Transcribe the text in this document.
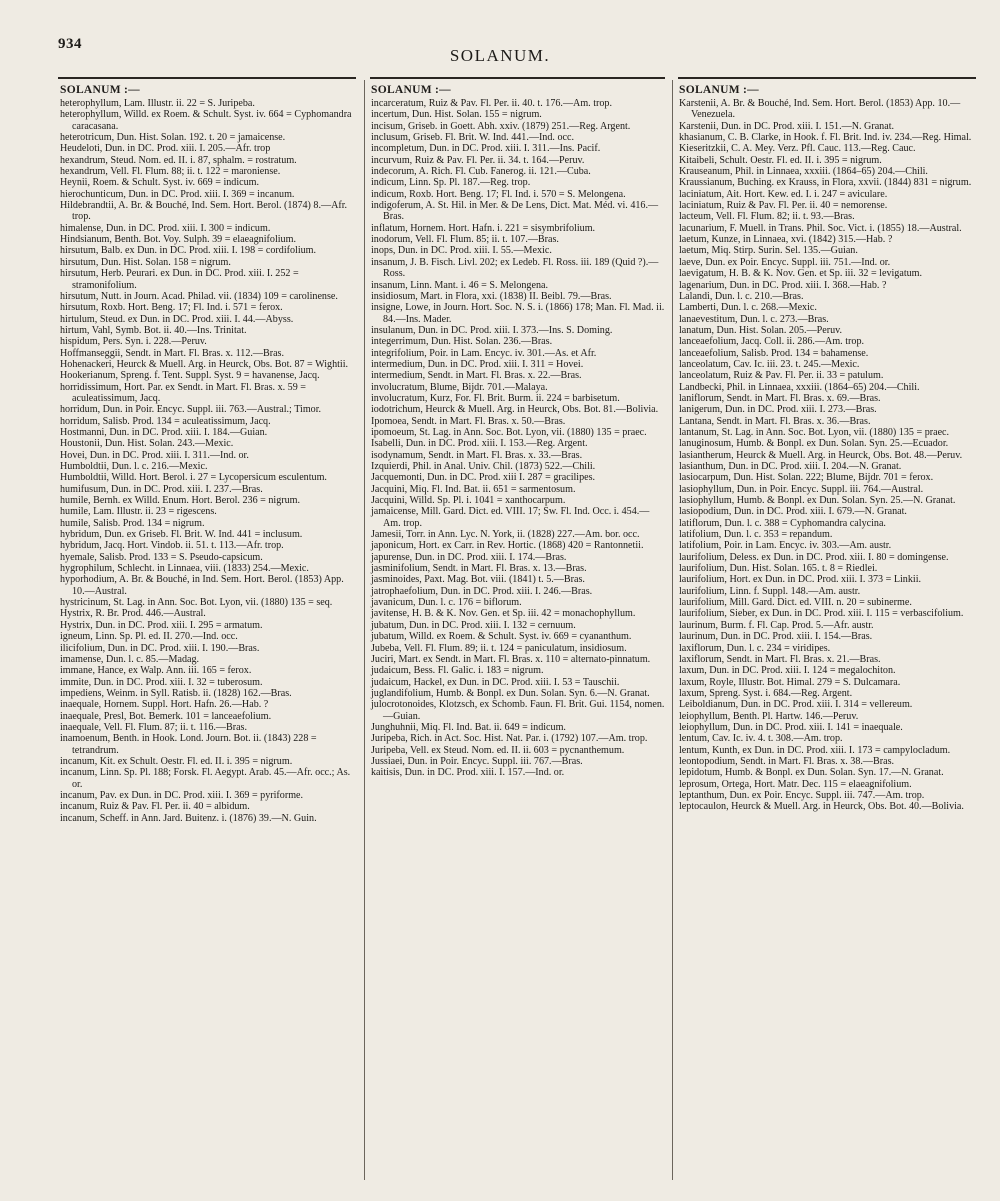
934
SOLANUM.
SOLANUM :—
heterophyllum, Lam. Illustr. ii. 22 = S. Juripeba.
heterophyllum, Willd. ex Roem. & Schult. Syst. iv. 664 = Cyphomandra caracasana.
heterotricum, Dun. Hist. Solan. 192. t. 20 = jamaicense.
Heudeloti, Dun. in DC. Prod. xiii. I. 205.—Afr. trop
hexandrum, Steud. Nom. ed. II. i. 87, sphalm. = rostratum.
hexandrum, Vell. Fl. Flum. 88; ii. t. 122 = maroniense.
Heynii, Roem. & Schult. Syst. iv. 669 = indicum.
hierochunticum, Dun. in DC. Prod. xiii. I. 369 = incanum.
Hildebrandtii, A. Br. & Bouché, Ind. Sem. Hort. Berol. (1874) 8.—Afr. trop.
himalense, Dun. in DC. Prod. xiii. I. 300 = indicum.
Hindsianum, Benth. Bot. Voy. Sulph. 39 = elaeagnifolium.
hirsutum, Balb. ex Dun. in DC. Prod. xiii. I. 198 = cordifolium.
hirsutum, Dun. Hist. Solan. 158 = nigrum.
hirsutum, Herb. Peurari. ex Dun. in DC. Prod. xiii. I. 252 = stramonifolium.
hirsutum, Nutt. in Journ. Acad. Philad. vii. (1834) 109 = carolinense.
hirsutum, Roxb. Hort. Beng. 17; Fl. Ind. i. 571 = ferox.
hirtulum, Steud. ex Dun. in DC. Prod. xiii. I. 44.—Abyss.
hirtum, Vahl, Symb. Bot. ii. 40.—Ins. Trinitat.
hispidum, Pers. Syn. i. 228.—Peruv.
Hoffmanseggii, Sendt. in Mart. Fl. Bras. x. 112.—Bras.
Hohenackeri, Heurck & Muell. Arg. in Heurck, Obs. Bot. 87 = Wightii.
Hookerianum, Spreng. f. Tent. Suppl. Syst. 9 = havanense, Jacq.
horridissimum, Hort. Par. ex Sendt. in Mart. Fl. Bras. x. 59 = aculeatissimum, Jacq.
horridum, Dun. in Poir. Encyc. Suppl. iii. 763.—Austral.; Timor.
horridum, Salisb. Prod. 134 = aculeatissimum, Jacq.
Hostmanni, Dun. in DC. Prod. xiii. I. 184.—Guian.
Houstonii, Dun. Hist. Solan. 243.—Mexic.
Hovei, Dun. in DC. Prod. xiii. I. 311.—Ind. or.
Humboldtii, Dun. l. c. 216.—Mexic.
Humboldtii, Willd. Hort. Berol. i. 27 = Lycopersicum esculentum.
humifusum, Dun. in DC. Prod. xiii. I. 237.—Bras.
humile, Bernh. ex Willd. Enum. Hort. Berol. 236 = nigrum.
humile, Lam. Illustr. ii. 23 = rigescens.
humile, Salisb. Prod. 134 = nigrum.
hybridum, Dun. ex Griseb. Fl. Brit. W. Ind. 441 = inclusum.
hybridum, Jacq. Hort. Vindob. ii. 51. t. 113.—Afr. trop.
hyemale, Salisb. Prod. 133 = S. Pseudo-capsicum.
hygrophilum, Schlecht. in Linnaea, viii. (1833) 254.—Mexic.
hyporhodium, A. Br. & Bouché, in Ind. Sem. Hort. Berol. (1853) App. 10.—Austral.
hystricinum, St. Lag. in Ann. Soc. Bot. Lyon, vii. (1880) 135 = seq.
Hystrix, R. Br. Prod. 446.—Austral.
Hystrix, Dun. in DC. Prod. xiii. I. 295 = armatum.
igneum, Linn. Sp. Pl. ed. II. 270.—Ind. occ.
ilicifolium, Dun. in DC. Prod. xiii. I. 190.—Bras.
imamense, Dun. l. c. 85.—Madag.
immane, Hance, ex Walp. Ann. iii. 165 = ferox.
immite, Dun. in DC. Prod. xiii. I. 32 = tuberosum.
impediens, Weinm. in Syll. Ratisb. ii. (1828) 162.—Bras.
inaequale, Hornem. Suppl. Hort. Hafn. 26.—Hab. ?
inaequale, Presl, Bot. Bemerk. 101 = lanceaefolium.
inaequale, Vell. Fl. Flum. 87; ii. t. 116.—Bras.
inamoenum, Benth. in Hook. Lond. Journ. Bot. ii. (1843) 228 = tetrandrum.
incanum, Kit. ex Schult. Oestr. Fl. ed. II. i. 395 = nigrum.
incanum, Linn. Sp. Pl. 188; Forsk. Fl. Aegypt. Arab. 45.—Afr. occ.; As. or.
incanum, Pav. ex Dun. in DC. Prod. xiii. I. 369 = pyriforme.
incanum, Ruiz & Pav. Fl. Per. ii. 40 = albidum.
incanum, Scheff. in Ann. Jard. Buitenz. i. (1876) 39.—N. Guin.
SOLANUM :—
incarceratum, Ruiz & Pav. Fl. Per. ii. 40. t. 176.—Am. trop.
incertum, Dun. Hist. Solan. 155 = nigrum.
incisum, Griseb. in Goett. Abh. xxiv. (1879) 251.—Reg. Argent.
inclusum, Griseb. Fl. Brit. W. Ind. 441.—Ind. occ.
incompletum, Dun. in DC. Prod. xiii. I. 311.—Ins. Pacif.
incurvum, Ruiz & Pav. Fl. Per. ii. 34. t. 164.—Peruv.
indecorum, A. Rich. Fl. Cub. Fanerog. ii. 121.—Cuba.
indicum, Linn. Sp. Pl. 187.—Reg. trop.
indicum, Roxb. Hort. Beng. 17; Fl. Ind. i. 570 = S. Melongena.
indigoferum, A. St. Hil. in Mer. & De Lens, Dict. Mat. Méd. vi. 416.—Bras.
inflatum, Hornem. Hort. Hafn. i. 221 = sisymbrifolium.
inodorum, Vell. Fl. Flum. 85; ii. t. 107.—Bras.
inops, Dun. in DC. Prod. xiii. I. 55.—Mexic.
insanum, J. B. Fisch. Livl. 202; ex Ledeb. Fl. Ross. iii. 189 (Quid ?).—Ross.
insanum, Linn. Mant. i. 46 = S. Melongena.
insidiosum, Mart. in Flora, xxi. (1838) II. Beibl. 79.—Bras.
insigne, Lowe, in Journ. Hort. Soc. N. S. i. (1866) 178; Man. Fl. Mad. ii. 84.—Ins. Mader.
insulanum, Dun. in DC. Prod. xiii. I. 373.—Ins. S. Doming.
integerrimum, Dun. Hist. Solan. 236.—Bras.
integrifolium, Poir. in Lam. Encyc. iv. 301.—As. et Afr.
intermedium, Dun. in DC. Prod. xiii. I. 311 = Hovei.
intermedium, Sendt. in Mart. Fl. Bras. x. 22.—Bras.
involucratum, Blume, Bijdr. 701.—Malaya.
involucratum, Kurz, For. Fl. Brit. Burm. ii. 224 = barbisetum.
iodotrichum, Heurck & Muell. Arg. in Heurck, Obs. Bot. 81.—Bolivia.
Ipomoea, Sendt. in Mart. Fl. Bras. x. 50.—Bras.
ipomoeum, St. Lag. in Ann. Soc. Bot. Lyon, vii. (1880) 135 = praec.
Isabelli, Dun. in DC. Prod. xiii. I. 153.—Reg. Argent.
isodynamum, Sendt. in Mart. Fl. Bras. x. 33.—Bras.
Izquierdi, Phil. in Anal. Univ. Chil. (1873) 522.—Chili.
Jacquemonti, Dun. in DC. Prod. xiii I. 287 = gracilipes.
Jacquini, Miq. Fl. Ind. Bat. ii. 651 = sarmentosum.
Jacquini, Willd. Sp. Pl. i. 1041 = xanthocarpum.
jamaicense, Mill. Gard. Dict. ed. VIII. 17; Sw. Fl. Ind. Occ. i. 454.—Am. trop.
Jamesii, Torr. in Ann. Lyc. N. York, ii. (1828) 227.—Am. bor. occ.
japonicum, Hort. ex Carr. in Rev. Hortic. (1868) 420 = Rantonnetii.
japurense, Dun. in DC. Prod. xiii. I. 174.—Bras.
jasminifolium, Sendt. in Mart. Fl. Bras. x. 13.—Bras.
jasminoides, Paxt. Mag. Bot. viii. (1841) t. 5.—Bras.
jatrophaefolium, Dun. in DC. Prod. xiii. I. 246.—Bras.
javanicum, Dun. l. c. 176 = biflorum.
javitense, H. B. & K. Nov. Gen. et Sp. iii. 42 = monachophyllum.
jubatum, Dun. in DC. Prod. xiii. I. 132 = cernuum.
jubatum, Willd. ex Roem. & Schult. Syst. iv. 669 = cyananthum.
Jubeba, Vell. Fl. Flum. 89; ii. t. 124 = paniculatum, insidiosum.
Juciri, Mart. ex Sendt. in Mart. Fl. Bras. x. 110 = alternato-pinnatum.
judaicum, Bess. Fl. Galic. i. 183 = nigrum.
judaicum, Hackel, ex Dun. in DC. Prod. xiii. I. 53 = Tauschii.
juglandifolium, Humb. & Bonpl. ex Dun. Solan. Syn. 6.—N. Granat.
julocrotonoides, Klotzsch, ex Schomb. Faun. Fl. Brit. Gui. 1154, nomen.—Guian.
Junghuhnii, Miq. Fl. Ind. Bat. ii. 649 = indicum.
Juripeba, Rich. in Act. Soc. Hist. Nat. Par. i. (1792) 107.—Am. trop.
Juripeba, Vell. ex Steud. Nom. ed. II. ii. 603 = pycnanthemum.
Jussiaei, Dun. in Poir. Encyc. Suppl. iii. 767.—Bras.
kaitisis, Dun. in DC. Prod. xiii. I. 157.—Ind. or.
SOLANUM :—
Karstenii, A. Br. & Bouché, Ind. Sem. Hort. Berol. (1853) App. 10.—Venezuela.
Karstenii, Dun. in DC. Prod. xiii. I. 151.—N. Granat.
khasianum, C. B. Clarke, in Hook. f. Fl. Brit. Ind. iv. 234.—Reg. Himal.
Kieseritzkii, C. A. Mey. Verz. Pfl. Cauc. 113.—Reg. Cauc.
Kitaibeli, Schult. Oestr. Fl. ed. II. i. 395 = nigrum.
Krauseanum, Phil. in Linnaea, xxxiii. (1864–65) 204.—Chili.
Kraussianum, Buching. ex Krauss, in Flora, xxvii. (1844) 831 = nigrum.
laciniatum, Ait. Hort. Kew. ed. I. i. 247 = aviculare.
laciniatum, Ruiz & Pav. Fl. Per. ii. 40 = nemorense.
lacteum, Vell. Fl. Flum. 82; ii. t. 93.—Bras.
lacunarium, F. Muell. in Trans. Phil. Soc. Vict. i. (1855) 18.—Austral.
laetum, Kunze, in Linnaea, xvi. (1842) 315.—Hab. ?
laetum, Miq. Stirp. Surin. Sel. 135.—Guian.
laeve, Dun. ex Poir. Encyc. Suppl. iii. 751.—Ind. or.
laevigatum, H. B. & K. Nov. Gen. et Sp. iii. 32 = levigatum.
lagenarium, Dun. in DC. Prod. xiii. I. 368.—Hab. ?
Lalandi, Dun. l. c. 210.—Bras.
Lamberti, Dun. l. c. 268.—Mexic.
lanaevestitum, Dun. l. c. 273.—Bras.
lanatum, Dun. Hist. Solan. 205.—Peruv.
lanceaefolium, Jacq. Coll. ii. 286.—Am. trop.
lanceaefolium, Salisb. Prod. 134 = bahamense.
lanceolatum, Cav. Ic. iii. 23. t. 245.—Mexic.
lanceolatum, Ruiz & Pav. Fl. Per. ii. 33 = patulum.
Landbecki, Phil. in Linnaea, xxxiii. (1864–65) 204.—Chili.
laniflorum, Sendt. in Mart. Fl. Bras. x. 69.—Bras.
lanigerum, Dun. in DC. Prod. xiii. I. 273.—Bras.
Lantana, Sendt. in Mart. Fl. Bras. x. 36.—Bras.
lantanum, St. Lag. in Ann. Soc. Bot. Lyon, vii. (1880) 135 = praec.
lanuginosum, Humb. & Bonpl. ex Dun. Solan. Syn. 25.—Ecuador.
lasiantherum, Heurck & Muell. Arg. in Heurck, Obs. Bot. 48.—Peruv.
lasianthum, Dun. in DC. Prod. xiii. I. 204.—N. Granat.
lasiocarpum, Dun. Hist. Solan. 222; Blume, Bijdr. 701 = ferox.
lasiophyllum, Dun. in Poir. Encyc. Suppl. iii. 764.—Austral.
lasiophyllum, Humb. & Bonpl. ex Dun. Solan. Syn. 25.—N. Granat.
lasiopodium, Dun. in DC. Prod. xiii. I. 679.—N. Granat.
latiflorum, Dun. l. c. 388 = Cyphomandra calycina.
latifolium, Dun. l. c. 353 = repandum.
latifolium, Poir. in Lam. Encyc. iv. 303.—Am. austr.
laurifolium, Deless. ex Dun. in DC. Prod. xiii. I. 80 = domingense.
laurifolium, Dun. Hist. Solan. 165. t. 8 = Riedlei.
laurifolium, Hort. ex Dun. in DC. Prod. xiii. I. 373 = Linkii.
laurifolium, Linn. f. Suppl. 148.—Am. austr.
laurifolium, Mill. Gard. Dict. ed. VIII. n. 20 = subinerme.
laurifolium, Sieber, ex Dun. in DC. Prod. xiii. I. 115 = verbascifolium.
laurinum, Burm. f. Fl. Cap. Prod. 5.—Afr. austr.
laurinum, Dun. in DC. Prod. xiii. I. 154.—Bras.
laxiflorum, Dun. l. c. 234 = viridipes.
laxiflorum, Sendt. in Mart. Fl. Bras. x. 21.—Bras.
laxum, Dun. in DC. Prod. xiii. I. 124 = megalochiton.
laxum, Royle, Illustr. Bot. Himal. 279 = S. Dulcamara.
laxum, Spreng. Syst. i. 684.—Reg. Argent.
Leiboldianum, Dun. in DC. Prod. xiii. I. 314 = vellereum.
leiophyllum, Benth. Pl. Hartw. 146.—Peruv.
leiophyllum, Dun. in DC. Prod. xiii. I. 141 = inaequale.
lentum, Cav. Ic. iv. 4. t. 308.—Am. trop.
lentum, Kunth, ex Dun. in DC. Prod. xiii. I. 173 = campylocladum.
leontopodium, Sendt. in Mart. Fl. Bras. x. 38.—Bras.
lepidotum, Humb. & Bonpl. ex Dun. Solan. Syn. 17.—N. Granat.
leprosum, Ortega, Hort. Matr. Dec. 115 = elaeagnifolium.
leptanthum, Dun. ex Poir. Encyc. Suppl. iii. 747.—Am. trop.
leptocaulon, Heurck & Muell. Arg. in Heurck, Obs. Bot. 40.—Bolivia.
